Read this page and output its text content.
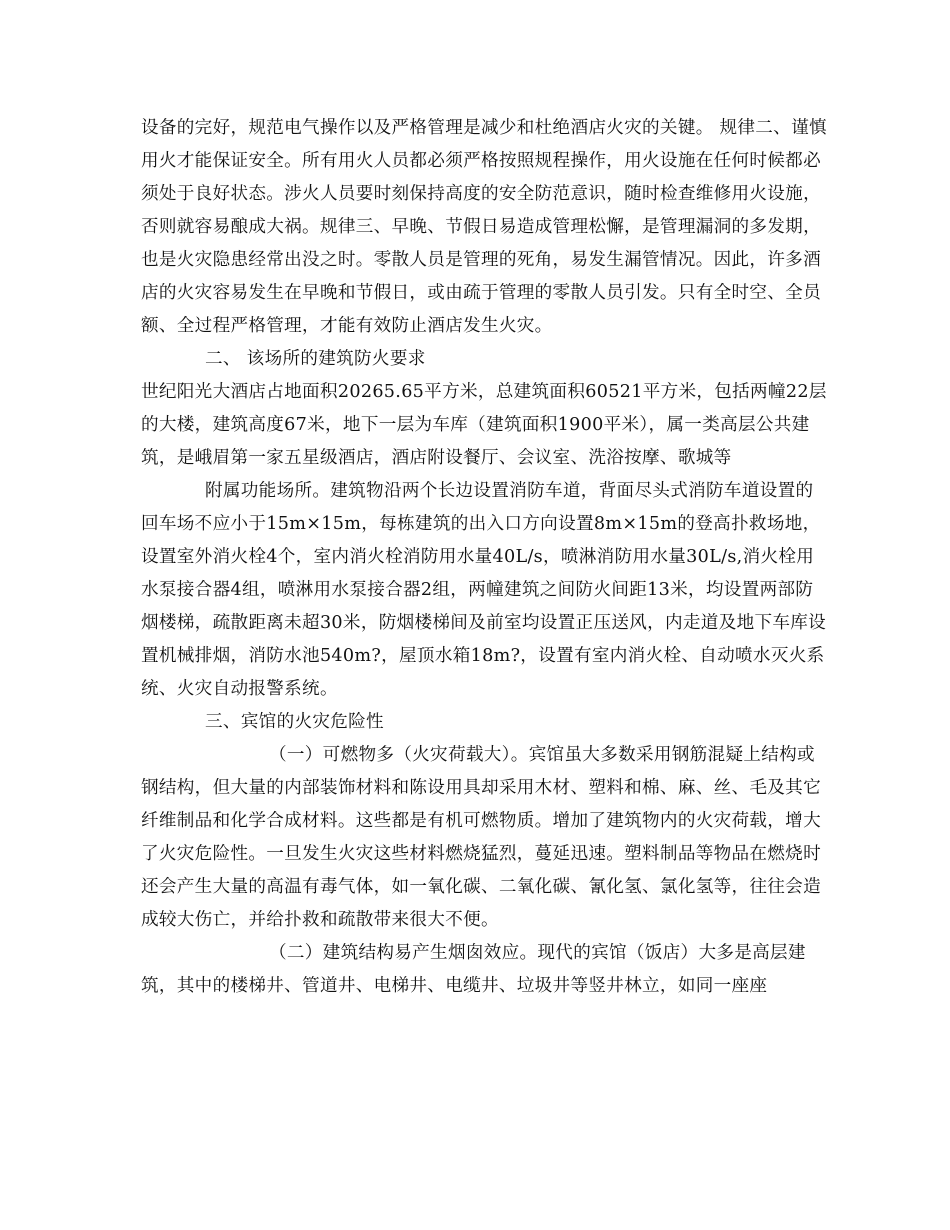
设备的完好，规范电气操作以及严格管理是减少和杜绝酒店火灾的关键。 规律二、谨慎用火才能保证安全。所有用火人员都必须严格按照规程操作，用火设施在任何时候都必须处于良好状态。涉火人员要时刻保持高度的安全防范意识，随时检查维修用火设施，否则就容易酿成大祸。规律三、早晚、节假日易造成管理松懈，是管理漏洞的多发期，也是火灾隐患经常出没之时。零散人员是管理的死角，易发生漏管情况。因此，许多酒店的火灾容易发生在早晚和节假日，或由疏于管理的零散人员引发。只有全时空、全员额、全过程严格管理，才能有效防止酒店发生火灾。

二、 该场所的建筑防火要求

世纪阳光大酒店占地面积20265.65平方米，总建筑面积60521平方米，包括两幢22层的大楼，建筑高度67米，地下一层为车库（建筑面积1900平米），属一类高层公共建筑，是峨眉第一家五星级酒店，酒店附设餐厅、会议室、洗浴按摩、歌城等

附属功能场所。建筑物沿两个长边设置消防车道，背面尽头式消防车道设置的回车场不应小于15m×15m，每栋建筑的出入口方向设置8m×15m的登高扑救场地，设置室外消火栓4个，室内消火栓消防用水量40L/s，喷淋消防用水量30L/s,消火栓用水泵接合器4组，喷淋用水泵接合器2组，两幢建筑之间防火间距13米，均设置两部防烟楼梯，疏散距离未超30米，防烟楼梯间及前室均设置正压送风，内走道及地下车库设置机械排烟，消防水池540m?，屋顶水箱18m?，设置有室内消火栓、自动喷水灭火系统、火灾自动报警系统。

三、宾馆的火灾危险性

（一）可燃物多（火灾荷载大）。宾馆虽大多数采用钢筋混疑上结构或钢结构，但大量的内部装饰材料和陈设用具却采用木材、塑料和棉、麻、丝、毛及其它纤维制品和化学合成材料。这些都是有机可燃物质。增加了建筑物内的火灾荷载，增大了火灾危险性。一旦发生火灾这些材料燃烧猛烈，蔓延迅速。塑料制品等物品在燃烧时还会产生大量的高温有毒气体，如一氧化碳、二氧化碳、氰化氢、氯化氢等，往往会造成较大伤亡，并给扑救和疏散带来很大不便。

（二）建筑结构易产生烟囱效应。现代的宾馆（饭店）大多是高层建筑，其中的楼梯井、管道井、电梯井、电缆井、垃圾井等竖井林立，如同一座座
